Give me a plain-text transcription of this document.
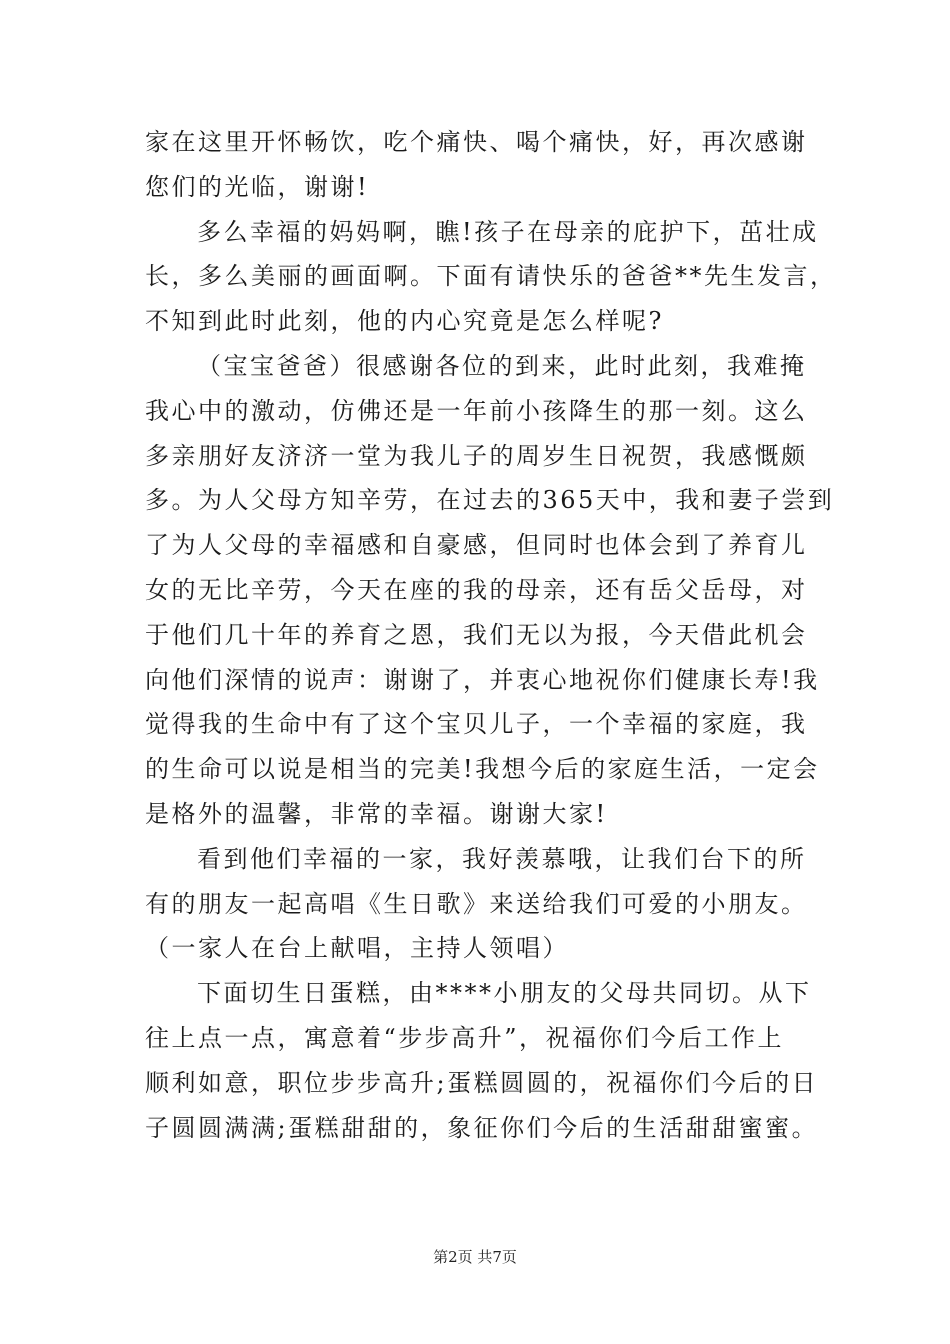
家在这里开怀畅饮，吃个痛快、喝个痛快，好，再次感谢
您们的光临，谢谢!
多么幸福的妈妈啊，瞧!孩子在母亲的庇护下，茁壮成
长，多么美丽的画面啊。下面有请快乐的爸爸**先生发言，
不知到此时此刻，他的内心究竟是怎么样呢?
（宝宝爸爸）很感谢各位的到来，此时此刻，我难掩
我心中的激动，仿佛还是一年前小孩降生的那一刻。这么
多亲朋好友济济一堂为我儿子的周岁生日祝贺，我感慨颇
多。为人父母方知辛劳，在过去的365天中，我和妻子尝到
了为人父母的幸福感和自豪感，但同时也体会到了养育儿
女的无比辛劳，今天在座的我的母亲，还有岳父岳母，对
于他们几十年的养育之恩，我们无以为报，今天借此机会
向他们深情的说声：谢谢了，并衷心地祝你们健康长寿!我
觉得我的生命中有了这个宝贝儿子，一个幸福的家庭，我
的生命可以说是相当的完美!我想今后的家庭生活，一定会
是格外的温馨，非常的幸福。谢谢大家!
看到他们幸福的一家，我好羡慕哦，让我们台下的所
有的朋友一起高唱《生日歌》来送给我们可爱的小朋友。
（一家人在台上献唱，主持人领唱）
下面切生日蛋糕，由****小朋友的父母共同切。从下
往上点一点，寓意着“步步高升”，祝福你们今后工作上
顺利如意，职位步步高升;蛋糕圆圆的，祝福你们今后的日
子圆圆满满;蛋糕甜甜的，象征你们今后的生活甜甜蜜蜜。
第2页 共7页
